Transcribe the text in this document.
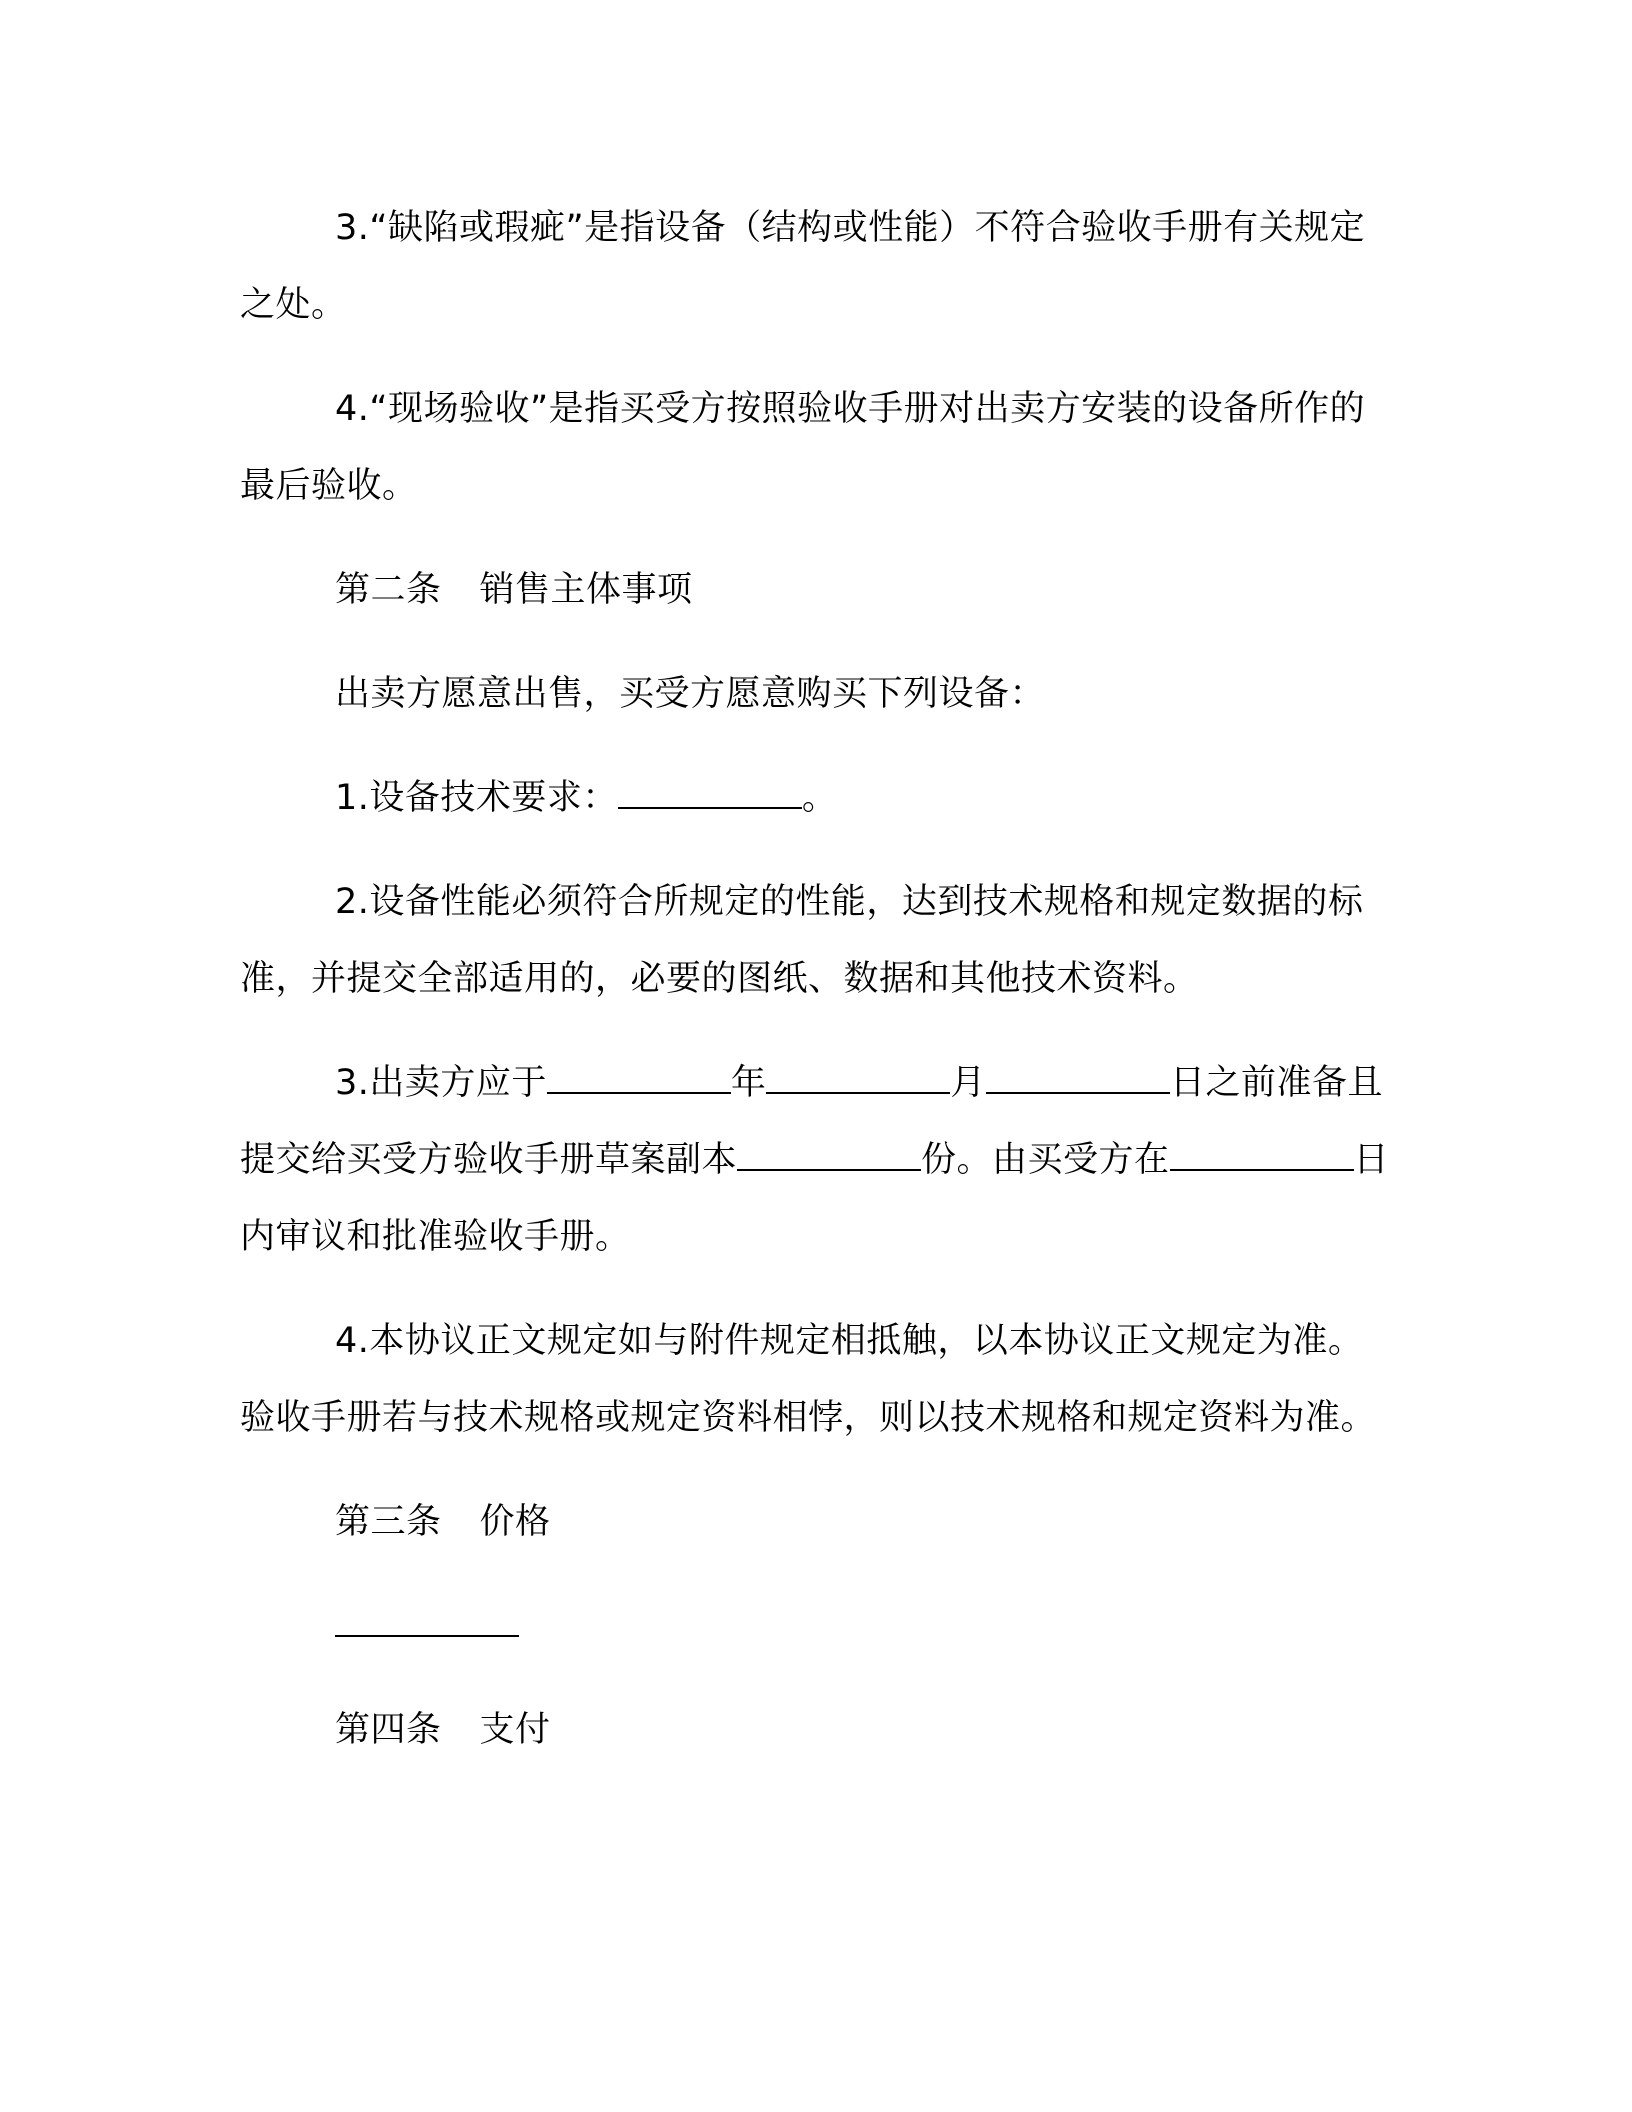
3.“缺陷或瑕疵”是指设备（结构或性能）不符合验收手册有关规定之处。

4.“现场验收”是指买受方按照验收手册对出卖方安装的设备所作的最后验收。

第二条 销售主体事项

出卖方愿意出售，买受方愿意购买下列设备：

1.设备技术要求：	。

2.设备性能必须符合所规定的性能，达到技术规格和规定数据的标准，并提交全部适用的，必要的图纸、数据和其他技术资料。

3.出卖方应于	年	月	日之前准备且提交给买受方验收手册草案副本	份。由买受方在	日内审议和批准验收手册。

4.本协议正文规定如与附件规定相抵触，以本协议正文规定为准。验收手册若与技术规格或规定资料相悖，则以技术规格和规定资料为准。

第三条 价格

第四条 支付
